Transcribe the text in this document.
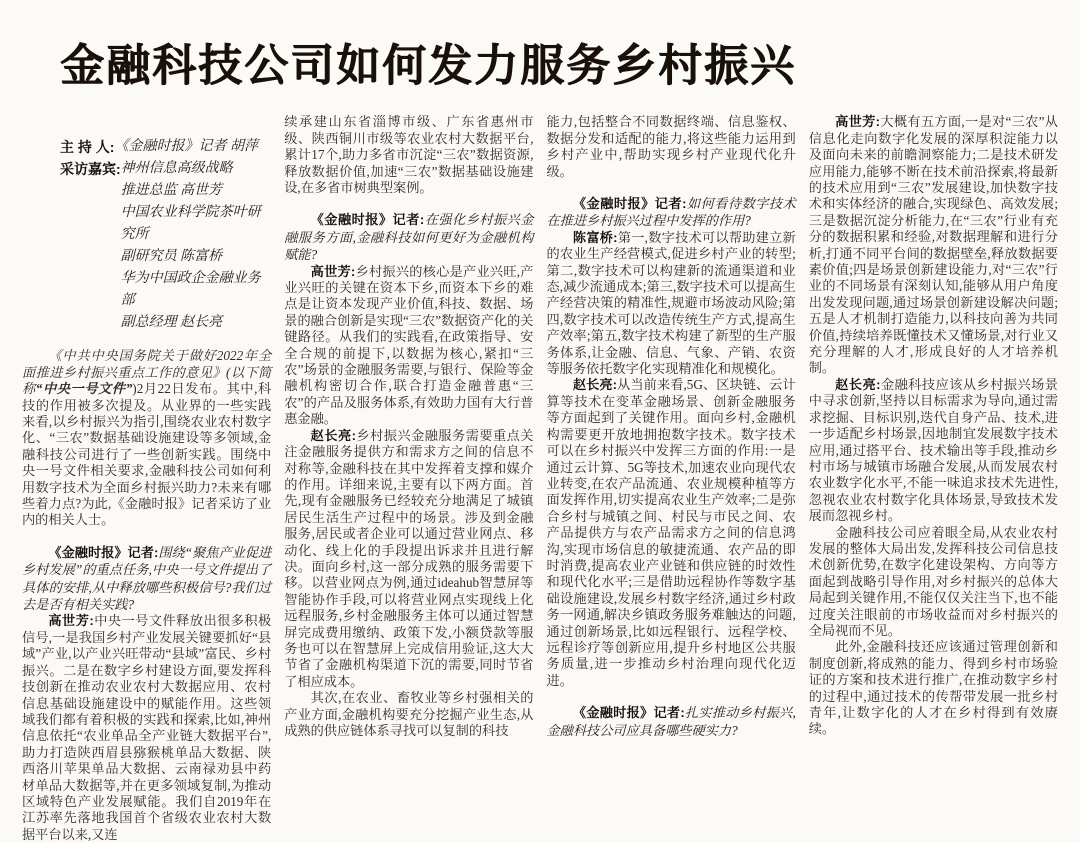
金融科技公司如何发力服务乡村振兴
主 持 人: 《金融时报》记者 胡萍
采访嘉宾: 神州信息高级战略
推进总监 高世芳
中国农业科学院茶叶研究所
副研究员 陈富桥
华为中国政企金融业务部
副总经理 赵长亮

《中共中央国务院关于做好2022年全面推进乡村振兴重点工作的意见》(以下简称“中央一号文件”)2月22日发布。其中,科技的作用被多次提及。从业界的一些实践来看,以乡村振兴为指引,围绕农业农村数字化、“三农”数据基础设施建设等多领域,金融科技公司进行了一些创新实践。围绕中央一号文件相关要求,金融科技公司如何利用数字技术为全面乡村振兴助力?未来有哪些着力点?为此,《金融时报》记者采访了业内的相关人士。

《金融时报》记者:围绕“聚焦产业促进乡村发展”的重点任务,中央一号文件提出了具体的安排,从中释放哪些积极信号?我们过去是否有相关实践?

高世芳:中央一号文件释放出很多积极信号,一是我国乡村产业发展关键要抓好“县域”产业,以产业兴旺带动“县域”富民、乡村振兴。二是在数字乡村建设方面,要发挥科技创新在推动农业农村大数据应用、农村信息基础设施建设中的赋能作用。这些领域我们都有着积极的实践和探索,比如,神州信息依托“农业单品全产业链大数据平台”,助力打造陕西眉县猕猴桃单品大数据、陕西洛川苹果单品大数据、云南禄劝县中药材单品大数据等,并在更多领域复制,为推动区域特色产业发展赋能。我们自2019年在江苏率先落地我国首个省级农业农村大数据平台以来,又连

续承建山东省淄博市级、广东省惠州市级、陕西铜川市级等农业农村大数据平台,累计17个,助力多省市沉淀“三农”数据资源,释放数据价值,加速“三农”数据基础设施建设,在多省市树典型案例。

《金融时报》记者:在强化乡村振兴金融服务方面,金融科技如何更好为金融机构赋能?

高世芳:乡村振兴的核心是产业兴旺,产业兴旺的关键在资本下乡,而资本下乡的难点是让资本发现产业价值,科技、数据、场景的融合创新是实现“三农”数据资产化的关键路径。从我们的实践看,在政策指导、安全合规的前提下,以数据为核心,紧扣“三农”场景的金融服务需要,与银行、保险等金融机构密切合作,联合打造金融普惠“三农”的产品及服务体系,有效助力国有大行普惠金融。

赵长亮:乡村振兴金融服务需要重点关注金融服务提供方和需求方之间的信息不对称等,金融科技在其中发挥着支撑和媒介的作用。详细来说,主要有以下两方面。首先,现有金融服务已经较充分地满足了城镇居民生活生产过程中的场景。涉及到金融服务,居民或者企业可以通过营业网点、移动化、线上化的手段提出诉求并且进行解决。面向乡村,这一部分成熟的服务需要下移。以营业网点为例,通过ideahub智慧屏等智能协作手段,可以将营业网点实现线上化远程服务,乡村金融服务主体可以通过智慧屏完成费用缴纳、政策下发,小额贷款等服务也可以在智慧屏上完成信用验证,这大大节省了金融机构渠道下沉的需要,同时节省了相应成本。

其次,在农业、畜牧业等乡村强相关的产业方面,金融机构要充分挖掘产业生态,从成熟的供应链体系寻找可以复制的科技

能力,包括整合不同数据终端、信息鉴权、数据分发和适配的能力,将这些能力运用到乡村产业中,帮助实现乡村产业现代化升级。

《金融时报》记者:如何看待数字技术在推进乡村振兴过程中发挥的作用?

陈富桥:第一,数字技术可以帮助建立新的农业生产经营模式,促进乡村产业的转型;第二,数字技术可以构建新的流通渠道和业态,减少流通成本;第三,数字技术可以提高生产经营决策的精准性,规避市场波动风险;第四,数字技术可以改造传统生产方式,提高生产效率;第五,数字技术构建了新型的生产服务体系,让金融、信息、气象、产销、农资等服务依托数字化实现精准化和规模化。

赵长亮:从当前来看,5G、区块链、云计算等技术在变革金融场景、创新金融服务等方面起到了关键作用。面向乡村,金融机构需要更开放地拥抱数字技术。数字技术可以在乡村振兴中发挥三方面的作用:一是通过云计算、5G等技术,加速农业向现代农业转变,在农产品流通、农业规模种植等方面发挥作用,切实提高农业生产效率;二是弥合乡村与城镇之间、村民与市民之间、农产品提供方与农产品需求方之间的信息鸿沟,实现市场信息的敏捷流通、农产品的即时消费,提高农业产业链和供应链的时效性和现代化水平;三是借助远程协作等数字基础设施建设,发展乡村数字经济,通过乡村政务一网通,解决乡镇政务服务难触达的问题,通过创新场景,比如远程银行、远程学校、远程诊疗等创新应用,提升乡村地区公共服务质量,进一步推动乡村治理向现代化迈进。

《金融时报》记者:扎实推动乡村振兴,金融科技公司应具备哪些硬实力?

高世芳:大概有五方面,一是对“三农”从信息化走向数字化发展的深厚积淀能力以及面向未来的前瞻洞察能力;二是技术研发应用能力,能够不断在技术前沿探索,将最新的技术应用到“三农”发展建设,加快数字技术和实体经济的融合,实现绿色、高效发展;三是数据沉淀分析能力,在“三农”行业有充分的数据积累和经验,对数据理解和进行分析,打通不同平台间的数据壁垒,释放数据要素价值;四是场景创新建设能力,对“三农”行业的不同场景有深刻认知,能够从用户角度出发发现问题,通过场景创新建设解决问题;五是人才机制打造能力,以科技向善为共同价值,持续培养既懂技术又懂场景,对行业又充分理解的人才,形成良好的人才培养机制。

赵长亮:金融科技应该从乡村振兴场景中寻求创新,坚持以目标需求为导向,通过需求挖掘、目标识别,迭代自身产品、技术,进一步适配乡村场景,因地制宜发展数字技术应用,通过搭平台、技术输出等手段,推动乡村市场与城镇市场融合发展,从而发展农村农业数字化水平,不能一味追求技术先进性,忽视农业农村数字化具体场景,导致技术发展而忽视乡村。

金融科技公司应着眼全局,从农业农村发展的整体大局出发,发挥科技公司信息技术创新优势,在数字化建设架构、方向等方面起到战略引导作用,对乡村振兴的总体大局起到关键作用,不能仅仅关注当下,也不能过度关注眼前的市场收益而对乡村振兴的全局视而不见。

此外,金融科技还应该通过管理创新和制度创新,将成熟的能力、得到乡村市场验证的方案和技术进行推广,在推动数字乡村的过程中,通过技术的传帮带发展一批乡村青年,让数字化的人才在乡村得到有效赓续。
